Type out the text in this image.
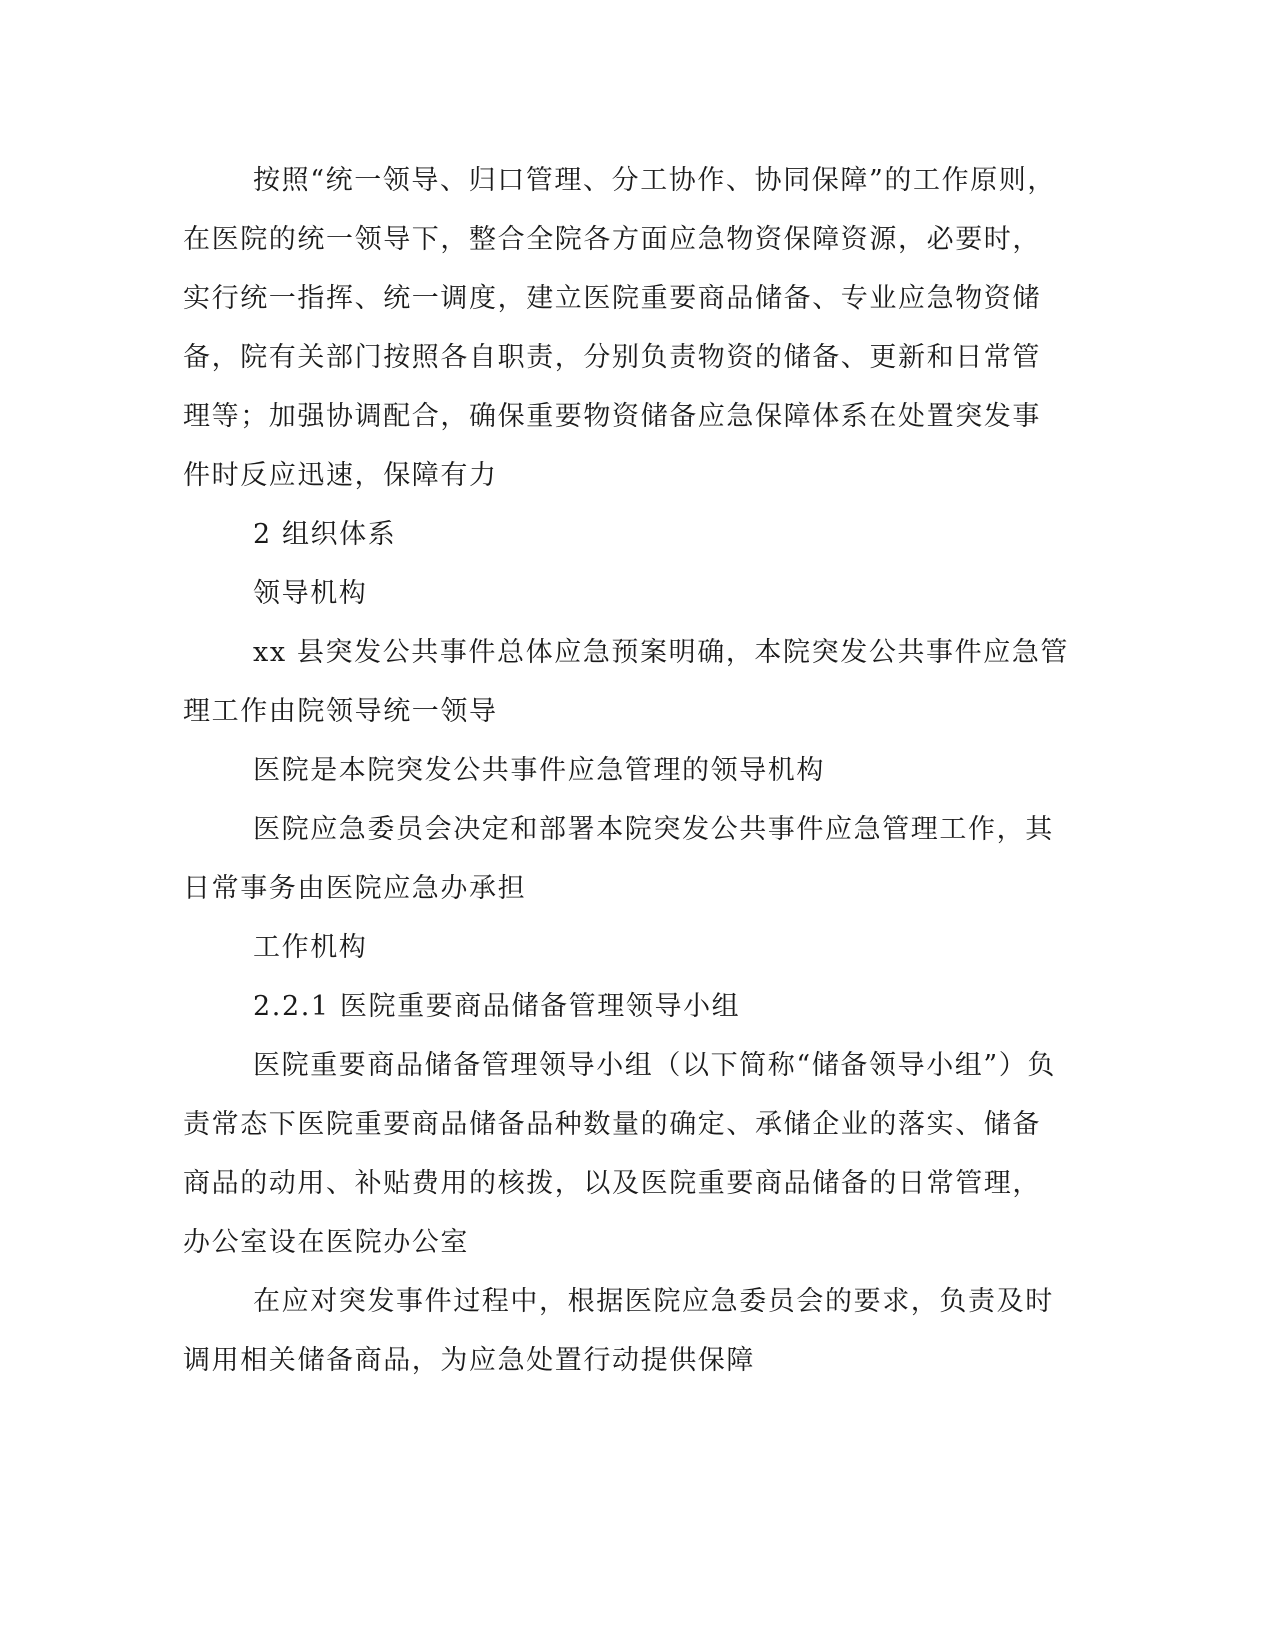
按照“统一领导、归口管理、分工协作、协同保障”的工作原则，

在医院的统一领导下，整合全院各方面应急物资保障资源，必要时，

实行统一指挥、统一调度，建立医院重要商品储备、专业应急物资储

备，院有关部门按照各自职责，分别负责物资的储备、更新和日常管

理等；加强协调配合，确保重要物资储备应急保障体系在处置突发事

件时反应迅速，保障有力

2 组织体系

领导机构

xx 县突发公共事件总体应急预案明确，本院突发公共事件应急管

理工作由院领导统一领导

医院是本院突发公共事件应急管理的领导机构

医院应急委员会决定和部署本院突发公共事件应急管理工作，其

日常事务由医院应急办承担

工作机构

2.2.1 医院重要商品储备管理领导小组

医院重要商品储备管理领导小组（以下简称“储备领导小组”）负

责常态下医院重要商品储备品种数量的确定、承储企业的落实、储备

商品的动用、补贴费用的核拨，以及医院重要商品储备的日常管理，

办公室设在医院办公室

在应对突发事件过程中，根据医院应急委员会的要求，负责及时

调用相关储备商品，为应急处置行动提供保障
